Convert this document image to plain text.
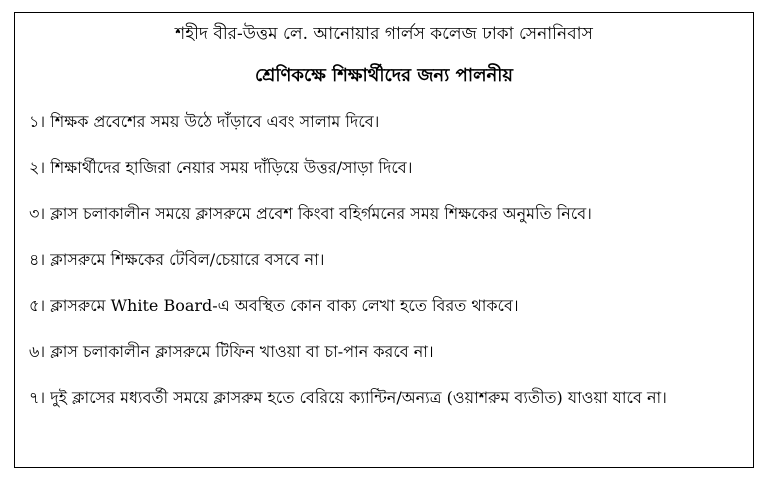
শহীদ বীর-উত্তম লে. আনোয়ার গার্লস কলেজ ঢাকা সেনানিবাস
শ্রেণিকক্ষে শিক্ষার্থীদের জন্য পালনীয়
১। শিক্ষক প্রবেশের সময় উঠে দাঁড়াবে এবং সালাম দিবে।
২। শিক্ষার্থীদের হাজিরা নেয়ার সময় দাঁড়িয়ে উত্তর/সাড়া দিবে।
৩। ক্লাস চলাকালীন সময়ে ক্লাসরুমে প্রবেশ কিংবা বহির্গমনের সময় শিক্ষকের অনুমতি নিবে।
৪। ক্লাসরুমে শিক্ষকের টেবিল/চেয়ারে বসবে না।
৫। ক্লাসরুমে White Board-এ অবস্থিত কোন বাক্য লেখা হতে বিরত থাকবে।
৬। ক্লাস চলাকালীন ক্লাসরুমে টিফিন খাওয়া বা চা-পান করবে না।
৭। দুই ক্লাসের মধ্যবর্তী সময়ে ক্লাসরুম হতে বেরিয়ে ক্যান্টিন/অন্যত্র (ওয়াশরুম ব্যতীত) যাওয়া যাবে না।
